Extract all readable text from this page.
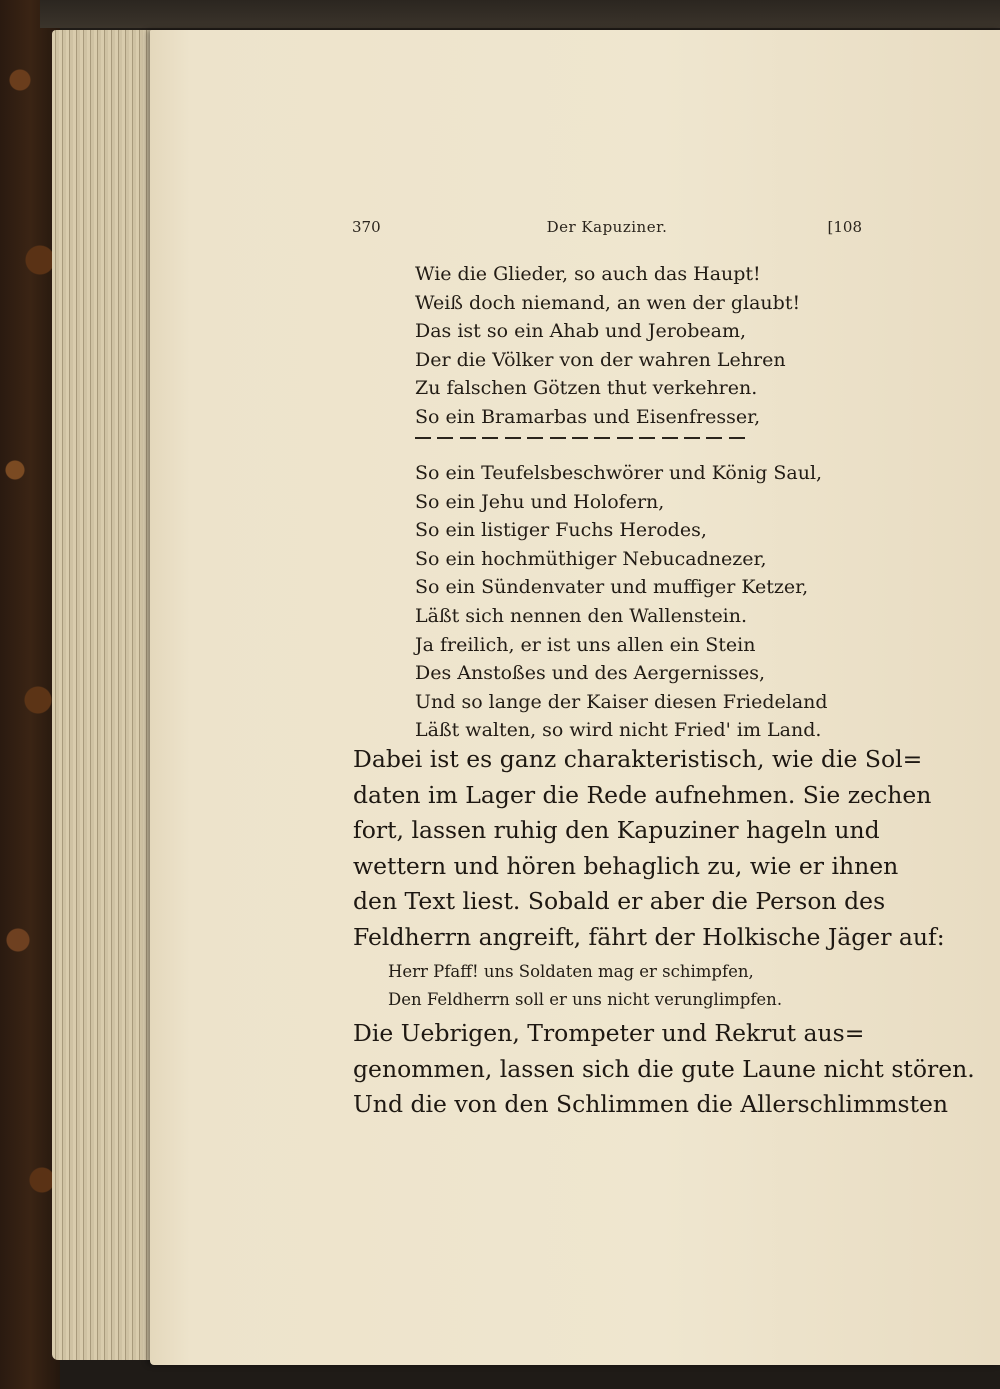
370	Der Kapuziner.	[108
Wie die Glieder, so auch das Haupt!
Weiß doch niemand, an wen der glaubt!
Das ist so ein Ahab und Jerobeam,
Der die Völker von der wahren Lehren
Zu falschen Götzen thut verkehren.
So ein Bramarbas und Eisenfresser,
So ein Teufelsbeschwörer und König Saul,
So ein Jehu und Holofern,
So ein listiger Fuchs Herodes,
So ein hochmüthiger Nebucadnezer,
So ein Sündenvater und muffiger Ketzer,
Läßt sich nennen den Wallenstein.
Ja freilich, er ist uns allen ein Stein
Des Anstoßes und des Aergernisses,
Und so lange der Kaiser diesen Friedeland
Läßt walten, so wird nicht Fried' im Land.
Dabei ist es ganz charakteristisch, wie die Sol=
daten im Lager die Rede aufnehmen. Sie zechen
fort, lassen ruhig den Kapuziner hageln und
wettern und hören behaglich zu, wie er ihnen
den Text liest. Sobald er aber die Person des
Feldherrn angreift, fährt der Holkische Jäger auf:
Herr Pfaff! uns Soldaten mag er schimpfen,
Den Feldherrn soll er uns nicht verunglimpfen.
Die Uebrigen, Trompeter und Rekrut aus=
genommen, lassen sich die gute Laune nicht stören.
Und die von den Schlimmen die Allerschlimmsten
